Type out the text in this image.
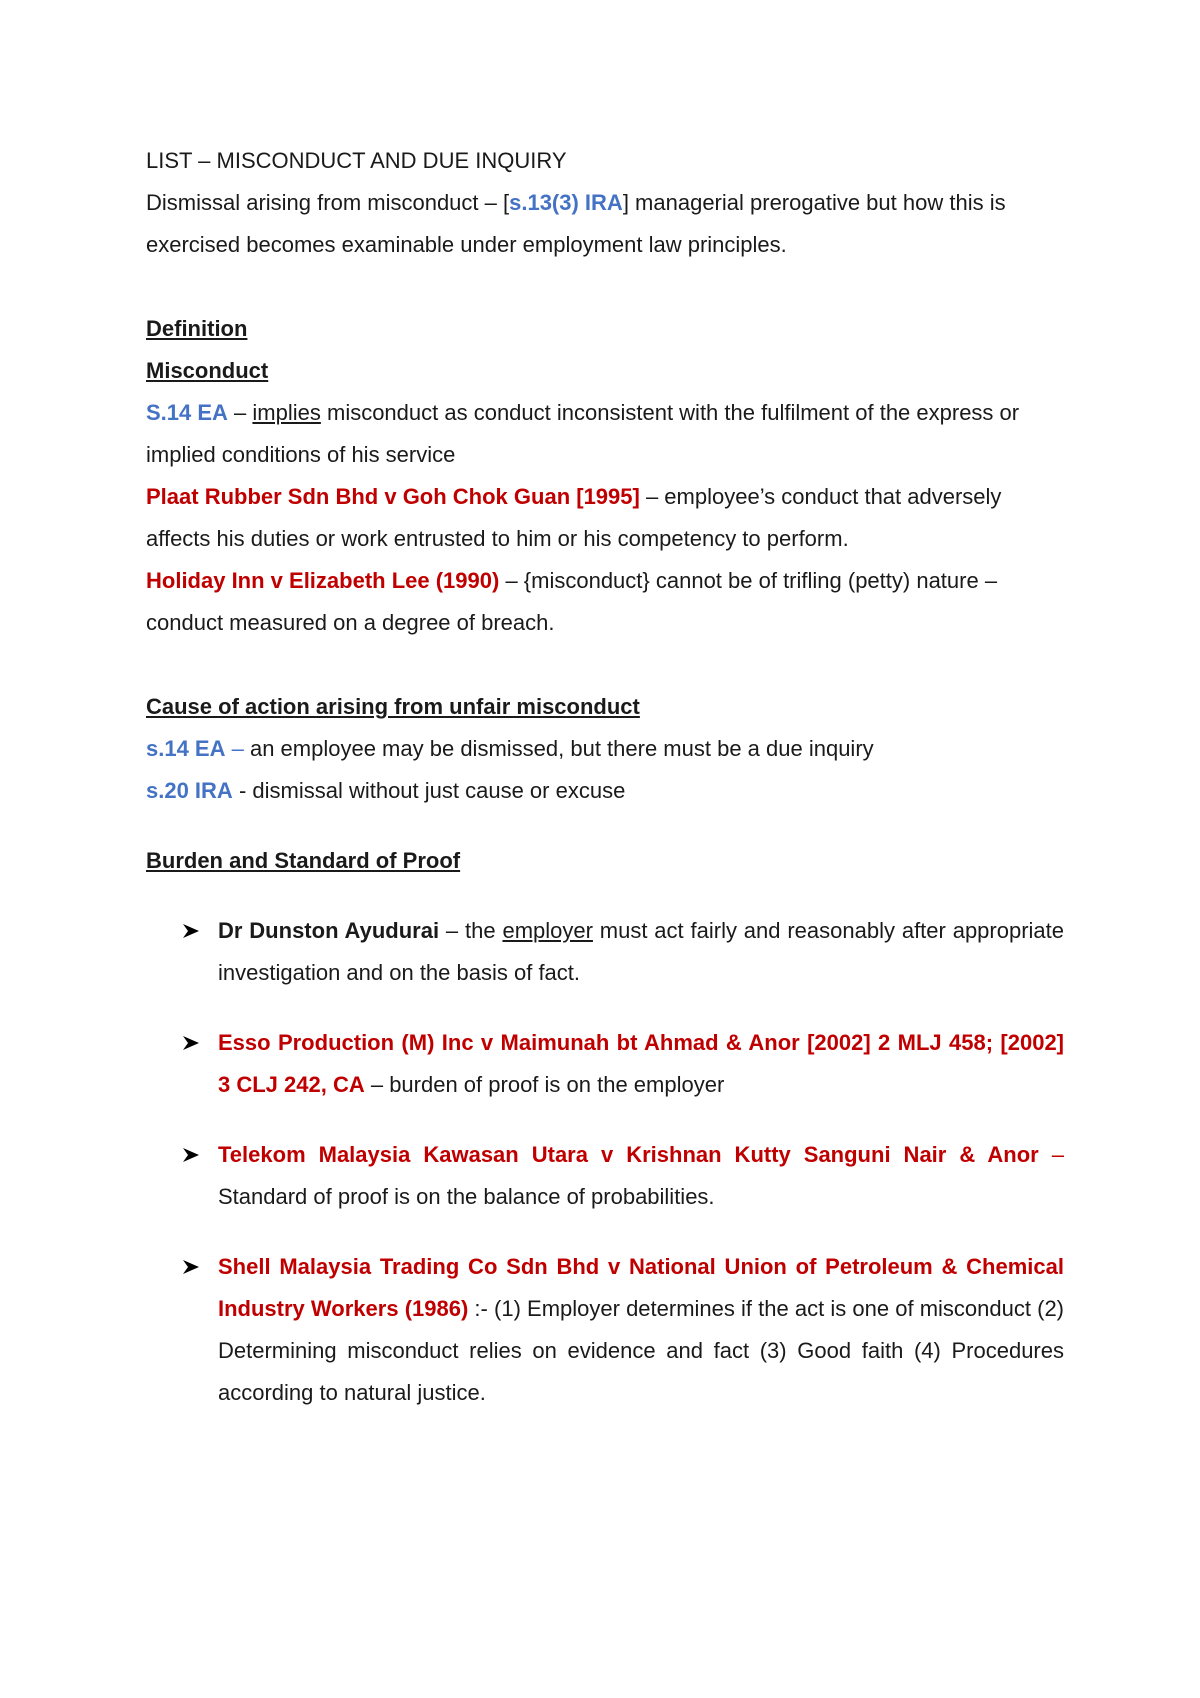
LIST – MISCONDUCT AND DUE INQUIRY

Dismissal arising from misconduct – [s.13(3) IRA] managerial prerogative but how this is exercised becomes examinable under employment law principles.

Definition

Misconduct

S.14 EA – implies misconduct as conduct inconsistent with the fulfilment of the express or implied conditions of his service

Plaat Rubber Sdn Bhd v Goh Chok Guan [1995] – employee’s conduct that adversely affects his duties or work entrusted to him or his competency to perform.

Holiday Inn v Elizabeth Lee (1990) – {misconduct} cannot be of trifling (petty) nature – conduct measured on a degree of breach.

Cause of action arising from unfair misconduct

s.14 EA – an employee may be dismissed, but there must be a due inquiry

s.20 IRA - dismissal without just cause or excuse

Burden and Standard of Proof

Dr Dunston Ayudurai – the employer must act fairly and reasonably after appropriate investigation and on the basis of fact.
Esso Production (M) Inc v Maimunah bt Ahmad & Anor [2002] 2 MLJ 458; [2002] 3 CLJ 242, CA – burden of proof is on the employer
Telekom Malaysia Kawasan Utara v Krishnan Kutty Sanguni Nair & Anor – Standard of proof is on the balance of probabilities.
Shell Malaysia Trading Co Sdn Bhd v National Union of Petroleum & Chemical Industry Workers (1986) :- (1) Employer determines if the act is one of misconduct (2) Determining misconduct relies on evidence and fact (3) Good faith (4) Procedures according to natural justice.
